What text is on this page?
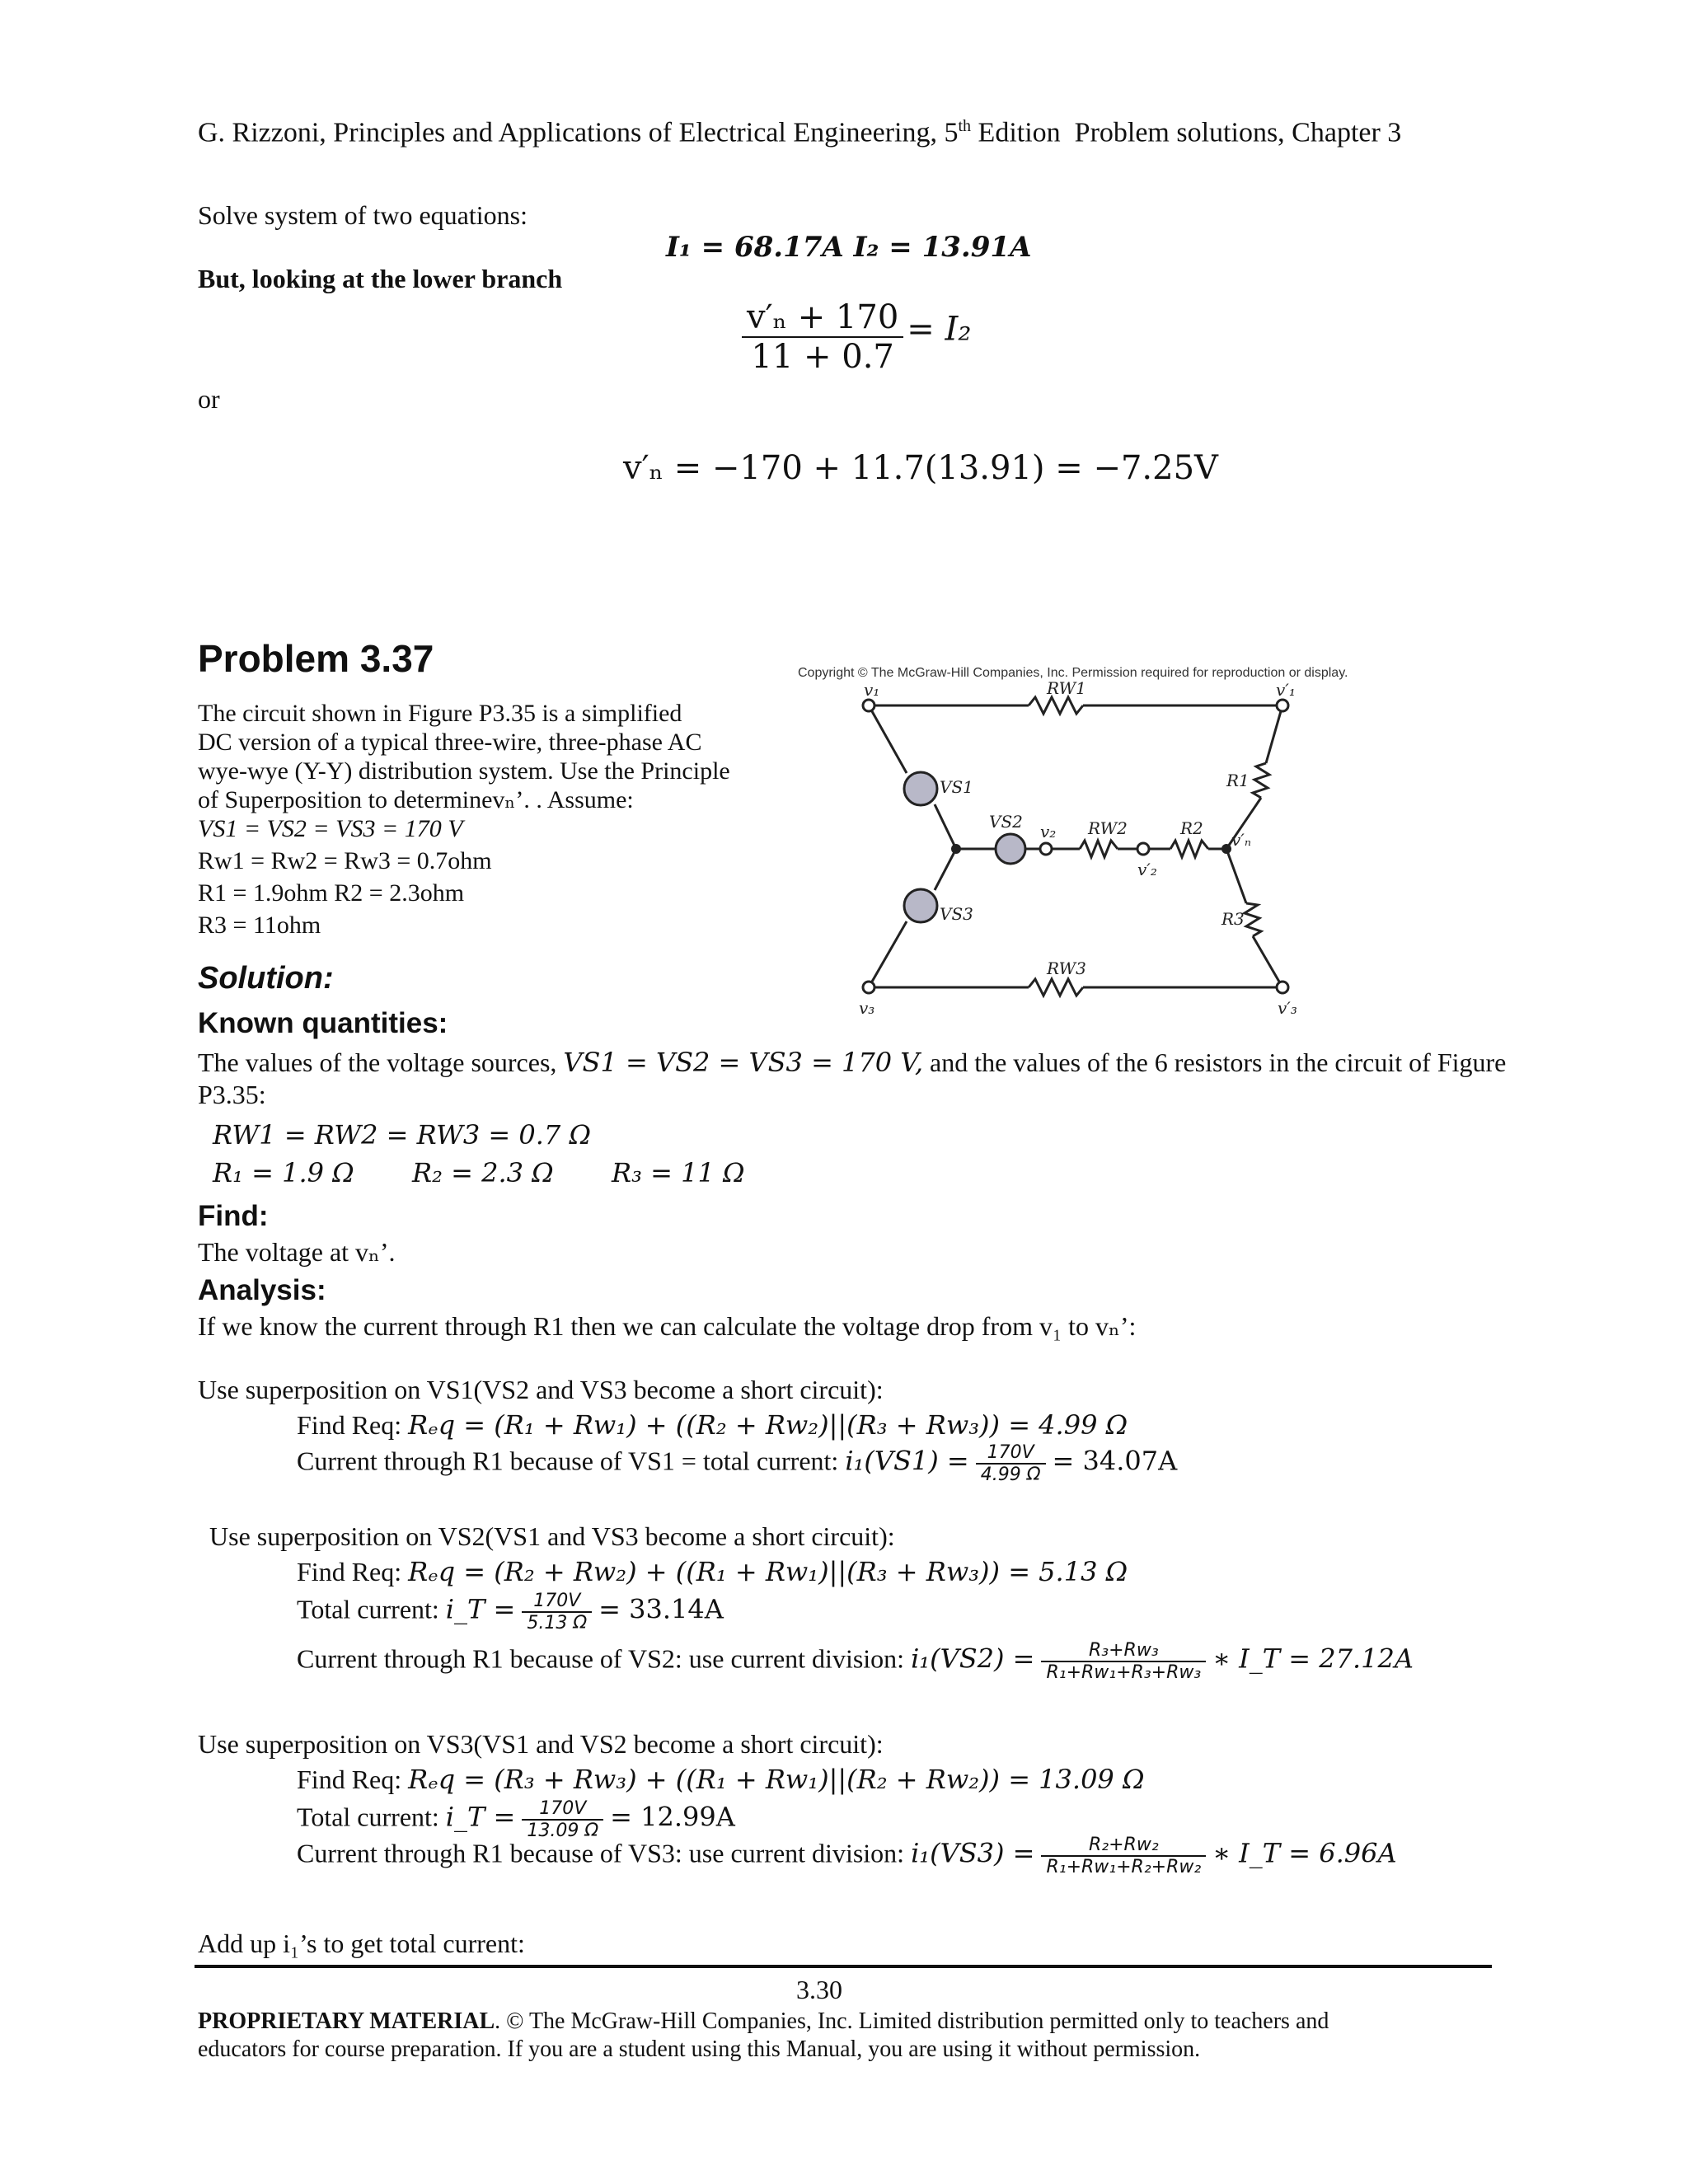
G. Rizzoni, Principles and Applications of Electrical Engineering, 5th Edition Problem solutions, Chapter 3
Solve system of two equations:
I₁ = 68.17A I₂ = 13.91A
But, looking at the lower branch
$\frac{\text{v′ₙ + 170}}{11 + 0.7} = I_2$
or
v′ₙ = −170 + 11.7(13.91) = −7.25V
Problem 3.37
The circuit shown in Figure P3.35 is a simplified
DC version of a typical three-wire, three-phase AC
wye-wye (Y-Y) distribution system. Use the Principle
of Superposition to determinevₙ’. . Assume:
VS1 = VS2 = VS3 = 170 V
Rw1 = Rw2 = Rw3 = 0.7ohm
R1 = 1.9ohm R2 = 2.3ohm
R3 = 11ohm
Copyright © The McGraw-Hill Companies, Inc. Permission required for reproduction or display.
v₁	v′₁
v₃	v′₃
v₂
v′₂
v′ₙ
VS1
VS2
VS3
RW1
RW2
RW3
R1
R2
R3
Solution:
Known quantities:
The values of the voltage sources, VS1 = VS2 = VS3 = 170 V, and the values of the 6 resistors in the circuit of Figure
P3.35:
RW1 = RW2 = RW3 = 0.7 Ω
R₁ = 1.9 Ω R₂ = 2.3 Ω R₃ = 11 Ω
Find:
The voltage at vₙ’.
Analysis:
If we know the current through R1 then we can calculate the voltage drop from v₁ to vₙ’:
Use superposition on VS1(VS2 and VS3 become a short circuit):
Find Req: Rₑq = (R₁ + Rw₁) + ((R₂ + Rw₂)||(R₃ + Rw₃)) = 4.99 Ω
Current through R1 because of VS1 = total current: $i_1(VS1) = \frac{170V}{4.99 \Omega} = 34.07A$
Use superposition on VS2(VS1 and VS3 become a short circuit):
Find Req: Rₑq = (R₂ + Rw₂) + ((R₁ + Rw₁)||(R₃ + Rw₃)) = 5.13 Ω
Total current: i_T = $\frac{170V}{5.13 \Omega} = 33.14A$
Current through R1 because of VS2: use current division: $i_1(VS2) = \frac{\text{R₃+Rw₃}}{\text{R₁+Rw₁+R₃+Rw₃}}$ ∗ I_T = 27.12A
Use superposition on VS3(VS1 and VS2 become a short circuit):
Find Req: Rₑq = (R₃ + Rw₃) + ((R₁ + Rw₁)||(R₂ + Rw₂)) = 13.09 Ω
Total current: i_T = $\frac{170V}{13.09 \Omega} = 12.99A$
Current through R1 because of VS3: use current division: $i_1(VS3) = \frac{\text{R₂+Rw₂}}{\text{R₁+Rw₁+R₂+Rw₂}}$ ∗ I_T = 6.96A
Add up i₁’s to get total current:
3.30
PROPRIETARY MATERIAL. © The McGraw-Hill Companies, Inc. Limited distribution permitted only to teachers and
educators for course preparation. If you are a student using this Manual, you are using it without permission.
